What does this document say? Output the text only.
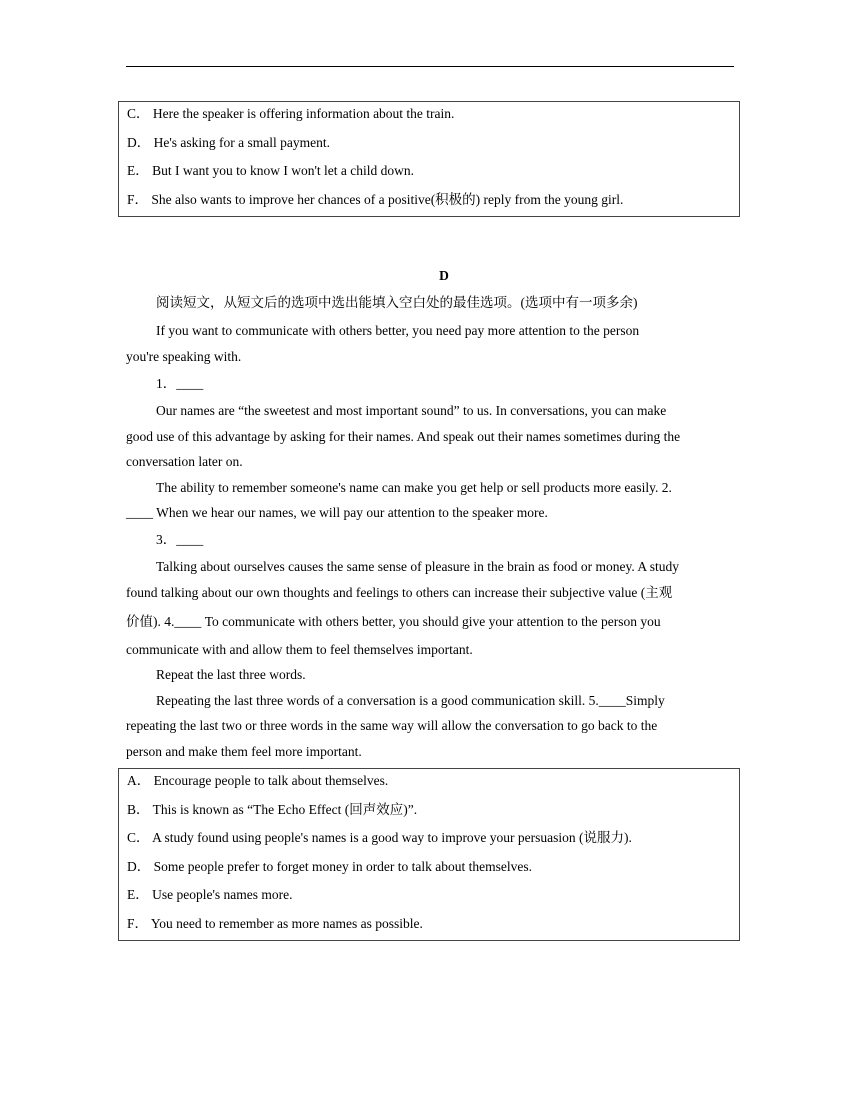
C． Here the speaker is offering information about the train.
D． He's asking for a small payment.
E． But I want you to know I won't let a child down.
F． She also wants to improve her chances of a positive(积极的) reply from the young girl.
D
阅读短文，从短文后的选项中选出能填入空白处的最佳选项。(选项中有一项多余)
If you want to communicate with others better, you need pay more attention to the person
you're speaking with.
1．____
Our names are “the sweetest and most important sound” to us. In conversations, you can make
good use of this advantage by asking for their names. And speak out their names sometimes during the
conversation later on.
The ability to remember someone's name can make you get help or sell products more easily. 2.
____ When we hear our names, we will pay our attention to the speaker more.
3．____
Talking about ourselves causes the same sense of pleasure in the brain as food or money. A study
found talking about our own thoughts and feelings to others can increase their subjective value (主观
价值). 4.____ To communicate with others better, you should give your attention to the person you
communicate with and allow them to feel themselves important.
Repeat the last three words.
Repeating the last three words of a conversation is a good communication skill. 5.____Simply
repeating the last two or three words in the same way will allow the conversation to go back to the
person and make them feel more important.
A． Encourage people to talk about themselves.
B． This is known as “The Echo Effect (回声效应)”.
C． A study found using people's names is a good way to improve your persuasion (说服力).
D． Some people prefer to forget money in order to talk about themselves.
E． Use people's names more.
F． You need to remember as more names as possible.
